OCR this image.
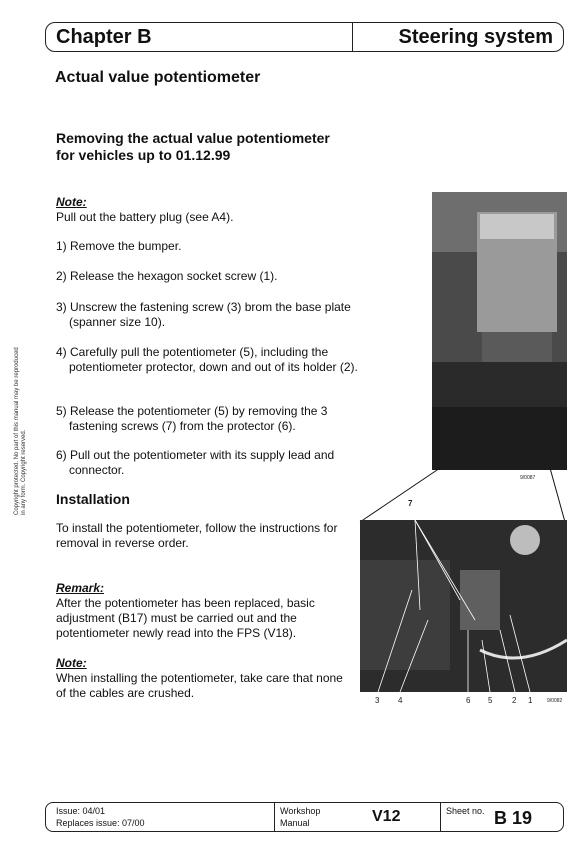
Chapter B	Steering system
Actual value potentiometer
Removing the actual value potentiometer
for vehicles up to 01.12.99
Copyright protected. No part of this manual may be reproduced in any form. Copyright reserved.
Note:
Pull out the battery plug (see A4).
1) Remove the bumper.
2) Release the hexagon socket screw (1).
3) Unscrew the fastening screw (3) brom the base plate (spanner size 10).
4) Carefully pull the potentiometer (5), including the potentiometer protector, down and out of its holder (2).
5) Release the potentiometer (5) by removing the 3 fastening screws (7) from the protector (6).
6) Pull out the potentiometer with its supply lead and connector.
Installation
To install the potentiometer, follow the instructions for removal in reverse order.
Remark:
After the potentiometer has been replaced, basic adjustment (B17) must be carried out and the potentiometer newly read into the FPS (V18).
Note:
When installing the potentiometer, take care that none of the cables are crushed.
9/0087
7
3 4	6 5 2 1	9/0082
Issue: 04/01
Replaces issue: 07/00
Workshop
Manual	V12	Sheet no. B 19
